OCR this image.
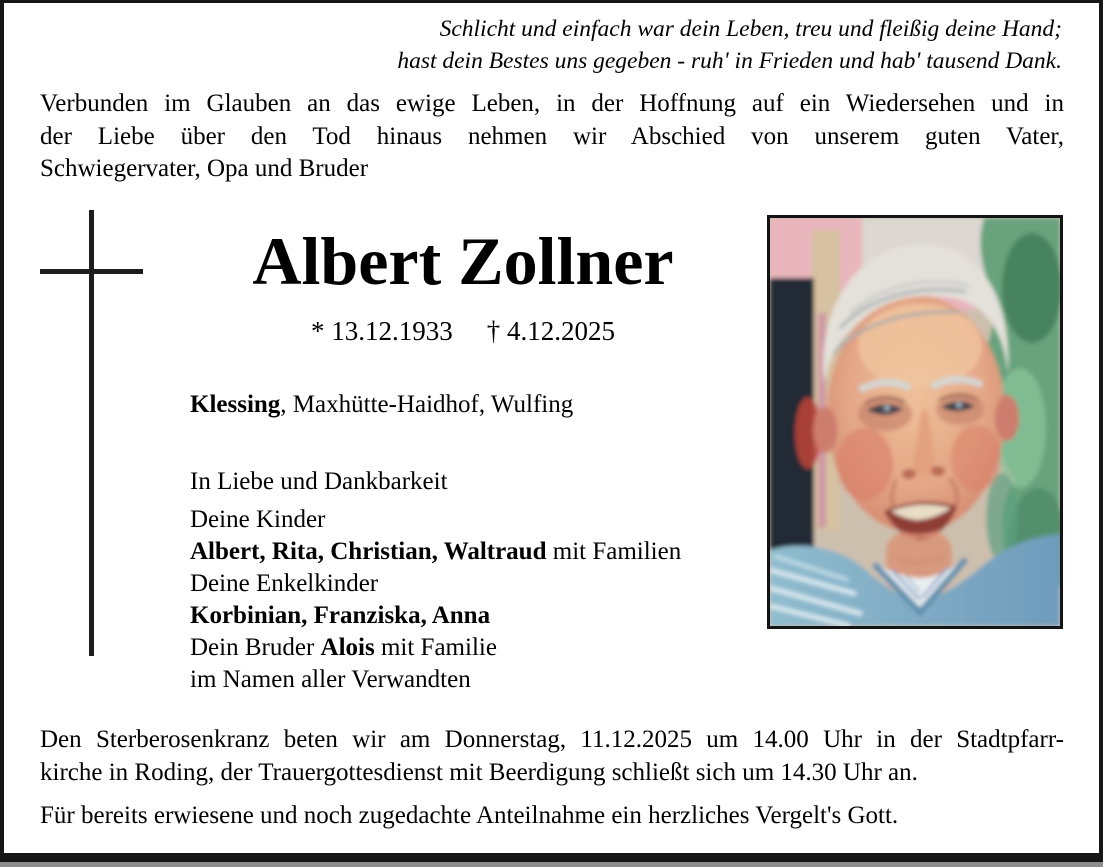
Schlicht und einfach war dein Leben, treu und fleißig deine Hand;
hast dein Bestes uns gegeben - ruh' in Frieden und hab' tausend Dank.
Verbunden im Glauben an das ewige Leben, in der Hoffnung auf ein Wiedersehen und in
der Liebe über den Tod hinaus nehmen wir Abschied von unserem guten Vater,
Schwiegervater, Opa und Bruder
Albert Zollner
* 13.12.1933 † 4.12.2025
Klessing, Maxhütte-Haidhof, Wulfing
In Liebe und Dankbarkeit
Deine Kinder
Albert, Rita, Christian, Waltraud mit Familien
Deine Enkelkinder
Korbinian, Franziska, Anna
Dein Bruder Alois mit Familie
im Namen aller Verwandten
Den Sterberosenkranz beten wir am Donnerstag, 11.12.2025 um 14.00 Uhr in der Stadtpfarr-
kirche in Roding, der Trauergottesdienst mit Beerdigung schließt sich um 14.30 Uhr an.
Für bereits erwiesene und noch zugedachte Anteilnahme ein herzliches Vergelt's Gott.
